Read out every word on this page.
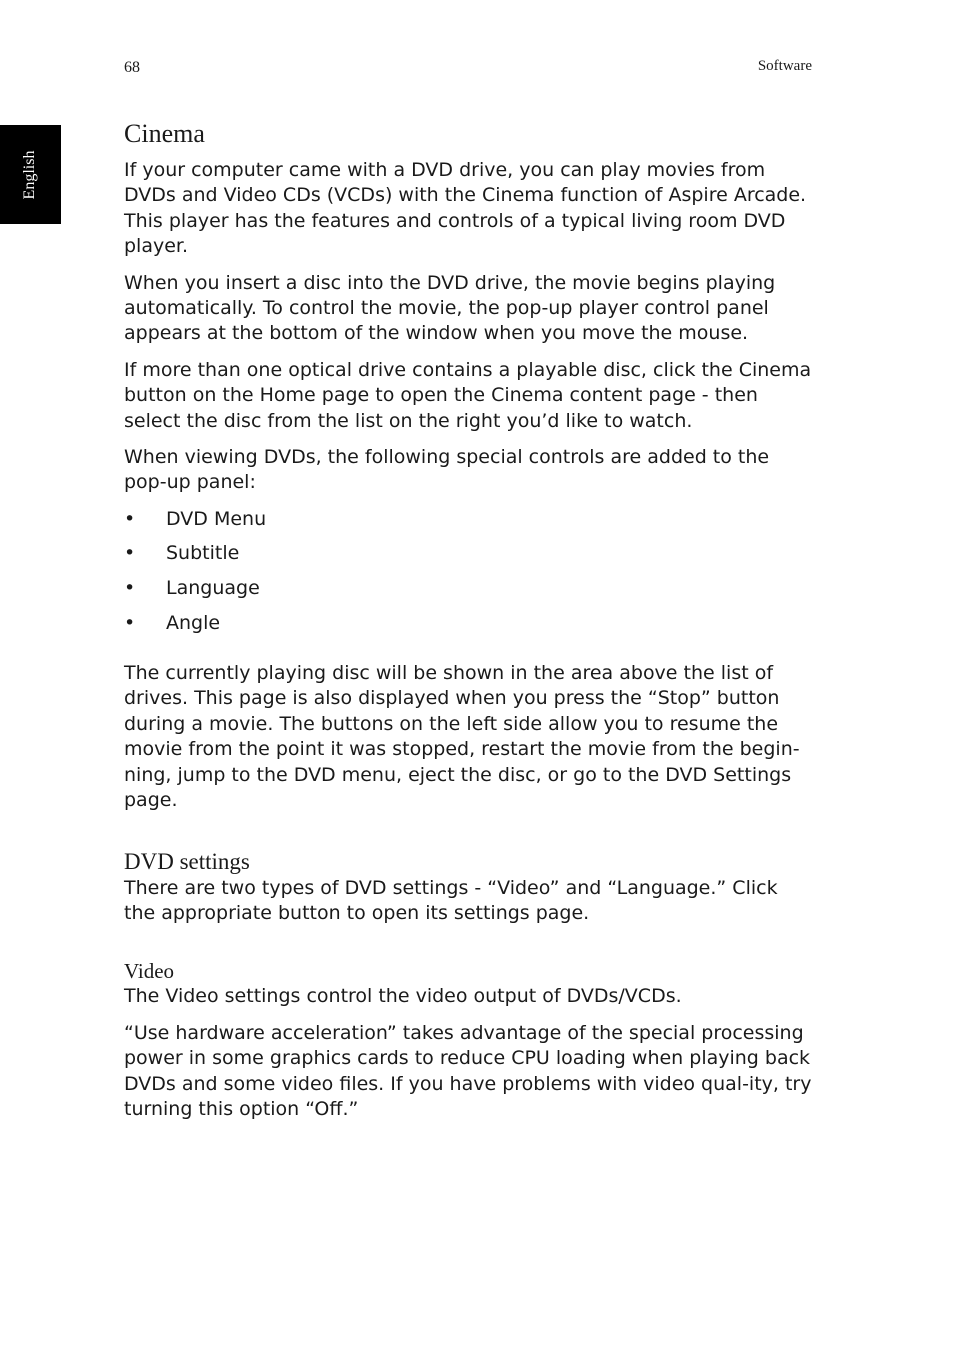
68	Software
English
Cinema

If your computer came with a DVD drive, you can play movies from DVDs and Video CDs (VCDs) with the Cinema function of Aspire Arcade. This player has the features and controls of a typical living room DVD player.

When you insert a disc into the DVD drive, the movie begins playing automatically. To control the movie, the pop-up player control panel appears at the bottom of the window when you move the mouse.

If more than one optical drive contains a playable disc, click the Cinema button on the Home page to open the Cinema content page - then select the disc from the list on the right you’d like to watch.

When viewing DVDs, the following special controls are added to the pop-up panel:

• DVD Menu
• Subtitle
• Language
• Angle

The currently playing disc will be shown in the area above the list of drives. This page is also displayed when you press the “Stop” button during a movie. The buttons on the left side allow you to resume the movie from the point it was stopped, restart the movie from the begin-ning, jump to the DVD menu, eject the disc, or go to the DVD Settings page.

DVD settings

There are two types of DVD settings - “Video” and “Language.” Click the appropriate button to open its settings page.

Video

The Video settings control the video output of DVDs/VCDs.

“Use hardware acceleration” takes advantage of the special processing power in some graphics cards to reduce CPU loading when playing back DVDs and some video files. If you have problems with video qual-ity, try turning this option “Off.”
